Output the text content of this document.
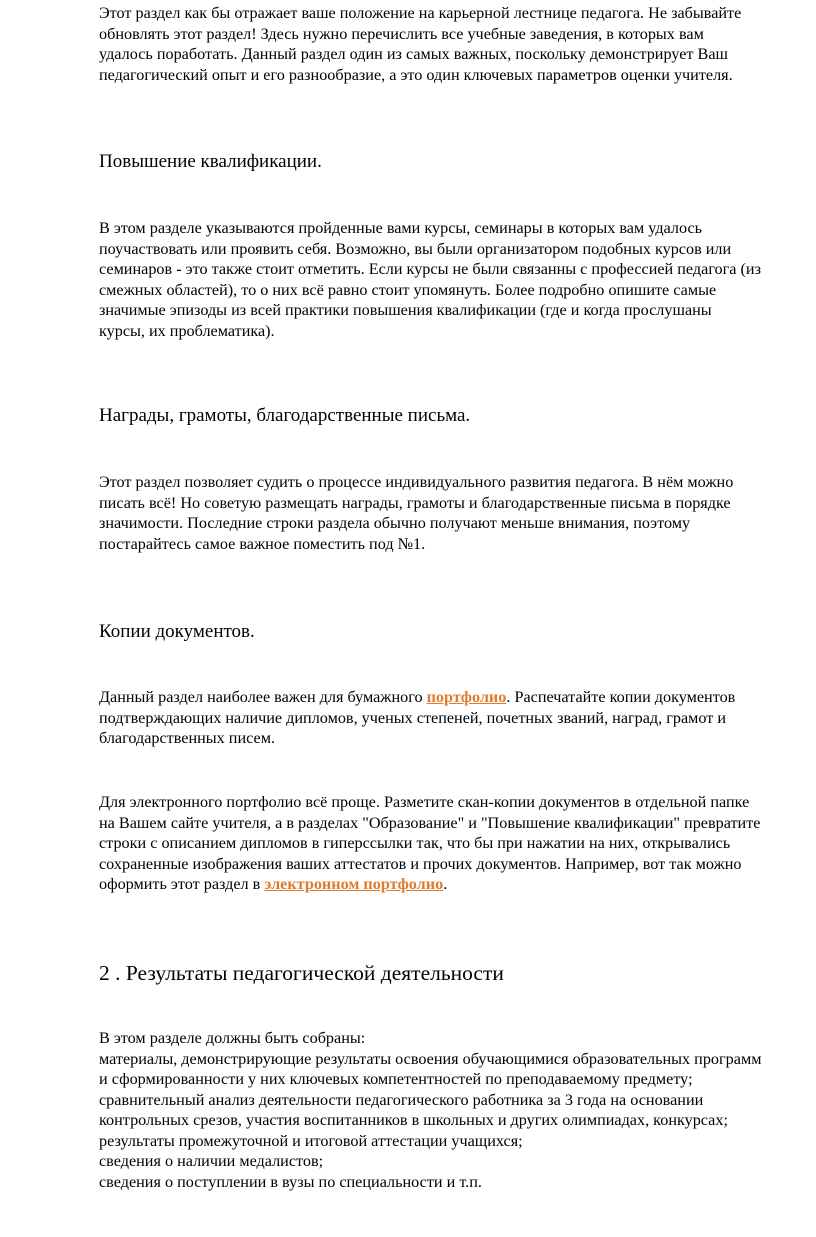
Этот раздел как бы отражает ваше положение на карьерной лестнице педагога. Не забывайте
обновлять этот раздел! Здесь нужно перечислить все учебные заведения, в которых вам
удалось поработать. Данный раздел один из самых важных, поскольку демонстрирует Ваш
педагогический опыт и его разнообразие, а это один ключевых параметров оценки учителя.

Повышение квалификации.

В этом разделе указываются пройденные вами курсы, семинары в которых вам удалось
поучаствовать или проявить себя. Возможно, вы были организатором подобных курсов или
семинаров - это также стоит отметить. Если курсы не были связанны с профессией педагога (из
смежных областей), то о них всё равно стоит упомянуть. Более подробно опишите самые
значимые эпизоды из всей практики повышения квалификации (где и когда прослушаны
курсы, их проблематика).

Награды, грамоты, благодарственные письма.

Этот раздел позволяет судить о процессе индивидуального развития педагога. В нём можно
писать всё! Но советую размещать награды, грамоты и благодарственные письма в порядке
значимости. Последние строки раздела обычно получают меньше внимания, поэтому
постарайтесь самое важное поместить под №1.

Копии документов.

Данный раздел наиболее важен для бумажного портфолио. Распечатайте копии документов
подтверждающих наличие дипломов, ученых степеней, почетных званий, наград, грамот и
благодарственных писем.

Для электронного портфолио всё проще. Разметите скан-копии документов в отдельной папке
на Вашем сайте учителя, а в разделах "Образование" и "Повышение квалификации" превратите
строки с описанием дипломов в гиперссылки так, что бы при нажатии на них, открывались
сохраненные изображения ваших аттестатов и прочих документов. Например, вот так можно
оформить этот раздел в электронном портфолио.

2 . Результаты педагогической деятельности

В этом разделе должны быть собраны:
материалы, демонстрирующие результаты освоения обучающимися образовательных программ
и сформированности у них ключевых компетентностей по преподаваемому предмету;
сравнительный анализ деятельности педагогического работника за 3 года на основании
контрольных срезов, участия воспитанников в школьных и других олимпиадах, конкурсах;
результаты промежуточной и итоговой аттестации учащихся;
сведения о наличии медалистов;
сведения о поступлении в вузы по специальности и т.п.
